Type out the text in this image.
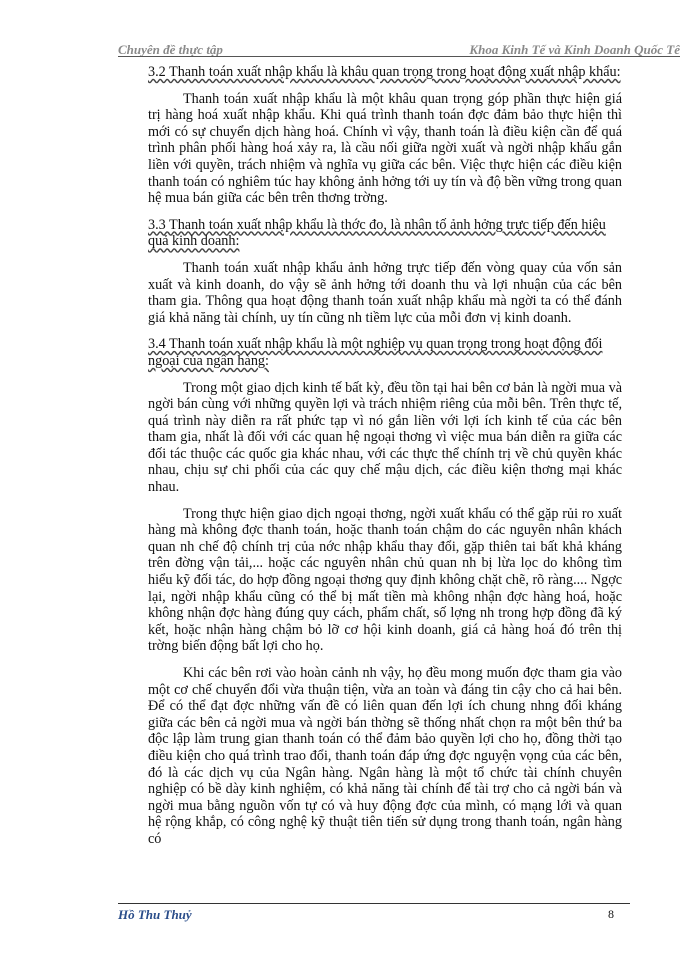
Chuyên đề thực tập	Khoa Kinh Tế và Kinh Doanh Quốc Tế
3.2 Thanh toán xuất nhập khẩu là khâu quan trọng trong hoạt động xuất nhập khẩu:

Thanh toán xuất nhập khẩu là một khâu quan trọng góp phần thực hiện giá trị hàng hoá xuất nhập khẩu. Khi quá trình thanh toán đợc đảm bảo thực hiện thì mới có sự chuyển dịch hàng hoá. Chính vì vậy, thanh toán là điều kiện cần để quá trình phân phối hàng hoá xảy ra, là cầu nối giữa ngời xuất và ngời nhập khẩu gắn liền với quyền, trách nhiệm và nghĩa vụ giữa các bên. Việc thực hiện các điều kiện thanh toán có nghiêm túc hay không ảnh hởng tới uy tín và độ bền vững trong quan hệ mua bán giữa các bên trên thơng trờng.

3.3 Thanh toán xuất nhập khẩu là thớc đo, là nhân tố ảnh hởng trực tiếp đến hiệu quả kinh doanh:

Thanh toán xuất nhập khẩu ảnh hởng trực tiếp đến vòng quay của vốn sản xuất và kinh doanh, do vậy sẽ ảnh hởng tới doanh thu và lợi nhuận của các bên tham gia. Thông qua hoạt động thanh toán xuất nhập khẩu mà ngời ta có thể đánh giá khả năng tài chính, uy tín cũng nh tiềm lực của mỗi đơn vị kinh doanh.

3.4 Thanh toán xuất nhập khẩu là một nghiệp vụ quan trọng trong hoạt động đối ngoại của ngân hàng:

Trong một giao dịch kinh tế bất kỳ, đều tồn tại hai bên cơ bản là ngời mua và ngời bán cùng với những quyền lợi và trách nhiệm riêng của mỗi bên. Trên thực tế, quá trình này diễn ra rất phức tạp vì nó gắn liền với lợi ích kinh tế của các bên tham gia, nhất là đối với các quan hệ ngoại thơng vì việc mua bán diễn ra giữa các đối tác thuộc các quốc gia khác nhau, với các thực thể chính trị về chủ quyền khác nhau, chịu sự chi phối của các quy chế mậu dịch, các điều kiện thơng mại khác nhau.

Trong thực hiện giao dịch ngoại thơng, ngời xuất khẩu có thể gặp rủi ro xuất hàng mà không đợc thanh toán, hoặc thanh toán chậm do các nguyên nhân khách quan nh chế độ chính trị của nớc nhập khẩu thay đổi, gặp thiên tai bất khả kháng trên đờng vận tải,... hoặc các nguyên nhân chủ quan nh bị lừa lọc do không tìm hiểu kỹ đối tác, do hợp đồng ngoại thơng quy định không chặt chẽ, rõ ràng.... Ngợc lại, ngời nhập khẩu cũng có thể bị mất tiền mà không nhận đợc hàng hoá, hoặc không nhận đợc hàng đúng quy cách, phẩm chất, số lợng nh trong hợp đồng đã ký kết, hoặc nhận hàng chậm bỏ lỡ cơ hội kinh doanh, giá cả hàng hoá đó trên thị trờng biến động bất lợi cho họ.

Khi các bên rơi vào hoàn cảnh nh vậy, họ đều mong muốn đợc tham gia vào một cơ chế chuyển đổi vừa thuận tiện, vừa an toàn và đáng tin cậy cho cả hai bên. Để có thể đạt đợc những vấn đề có liên quan đến lợi ích chung nhng đối kháng giữa các bên cả ngời mua và ngời bán thờng sẽ thống nhất chọn ra một bên thứ ba độc lập làm trung gian thanh toán có thể đảm bảo quyền lợi cho họ, đồng thời tạo điều kiện cho quá trình trao đổi, thanh toán đáp ứng đợc nguyện vọng của các bên, đó là các dịch vụ của Ngân hàng. Ngân hàng là một tổ chức tài chính chuyên nghiệp có bề dày kinh nghiệm, có khả năng tài chính để tài trợ cho cả ngời bán và ngời mua bằng nguồn vốn tự có và huy động đợc của mình, có mạng lới và quan hệ rộng khắp, có công nghệ kỹ thuật tiên tiến sử dụng trong thanh toán, ngân hàng có

Hồ Thu Thuỷ	8
